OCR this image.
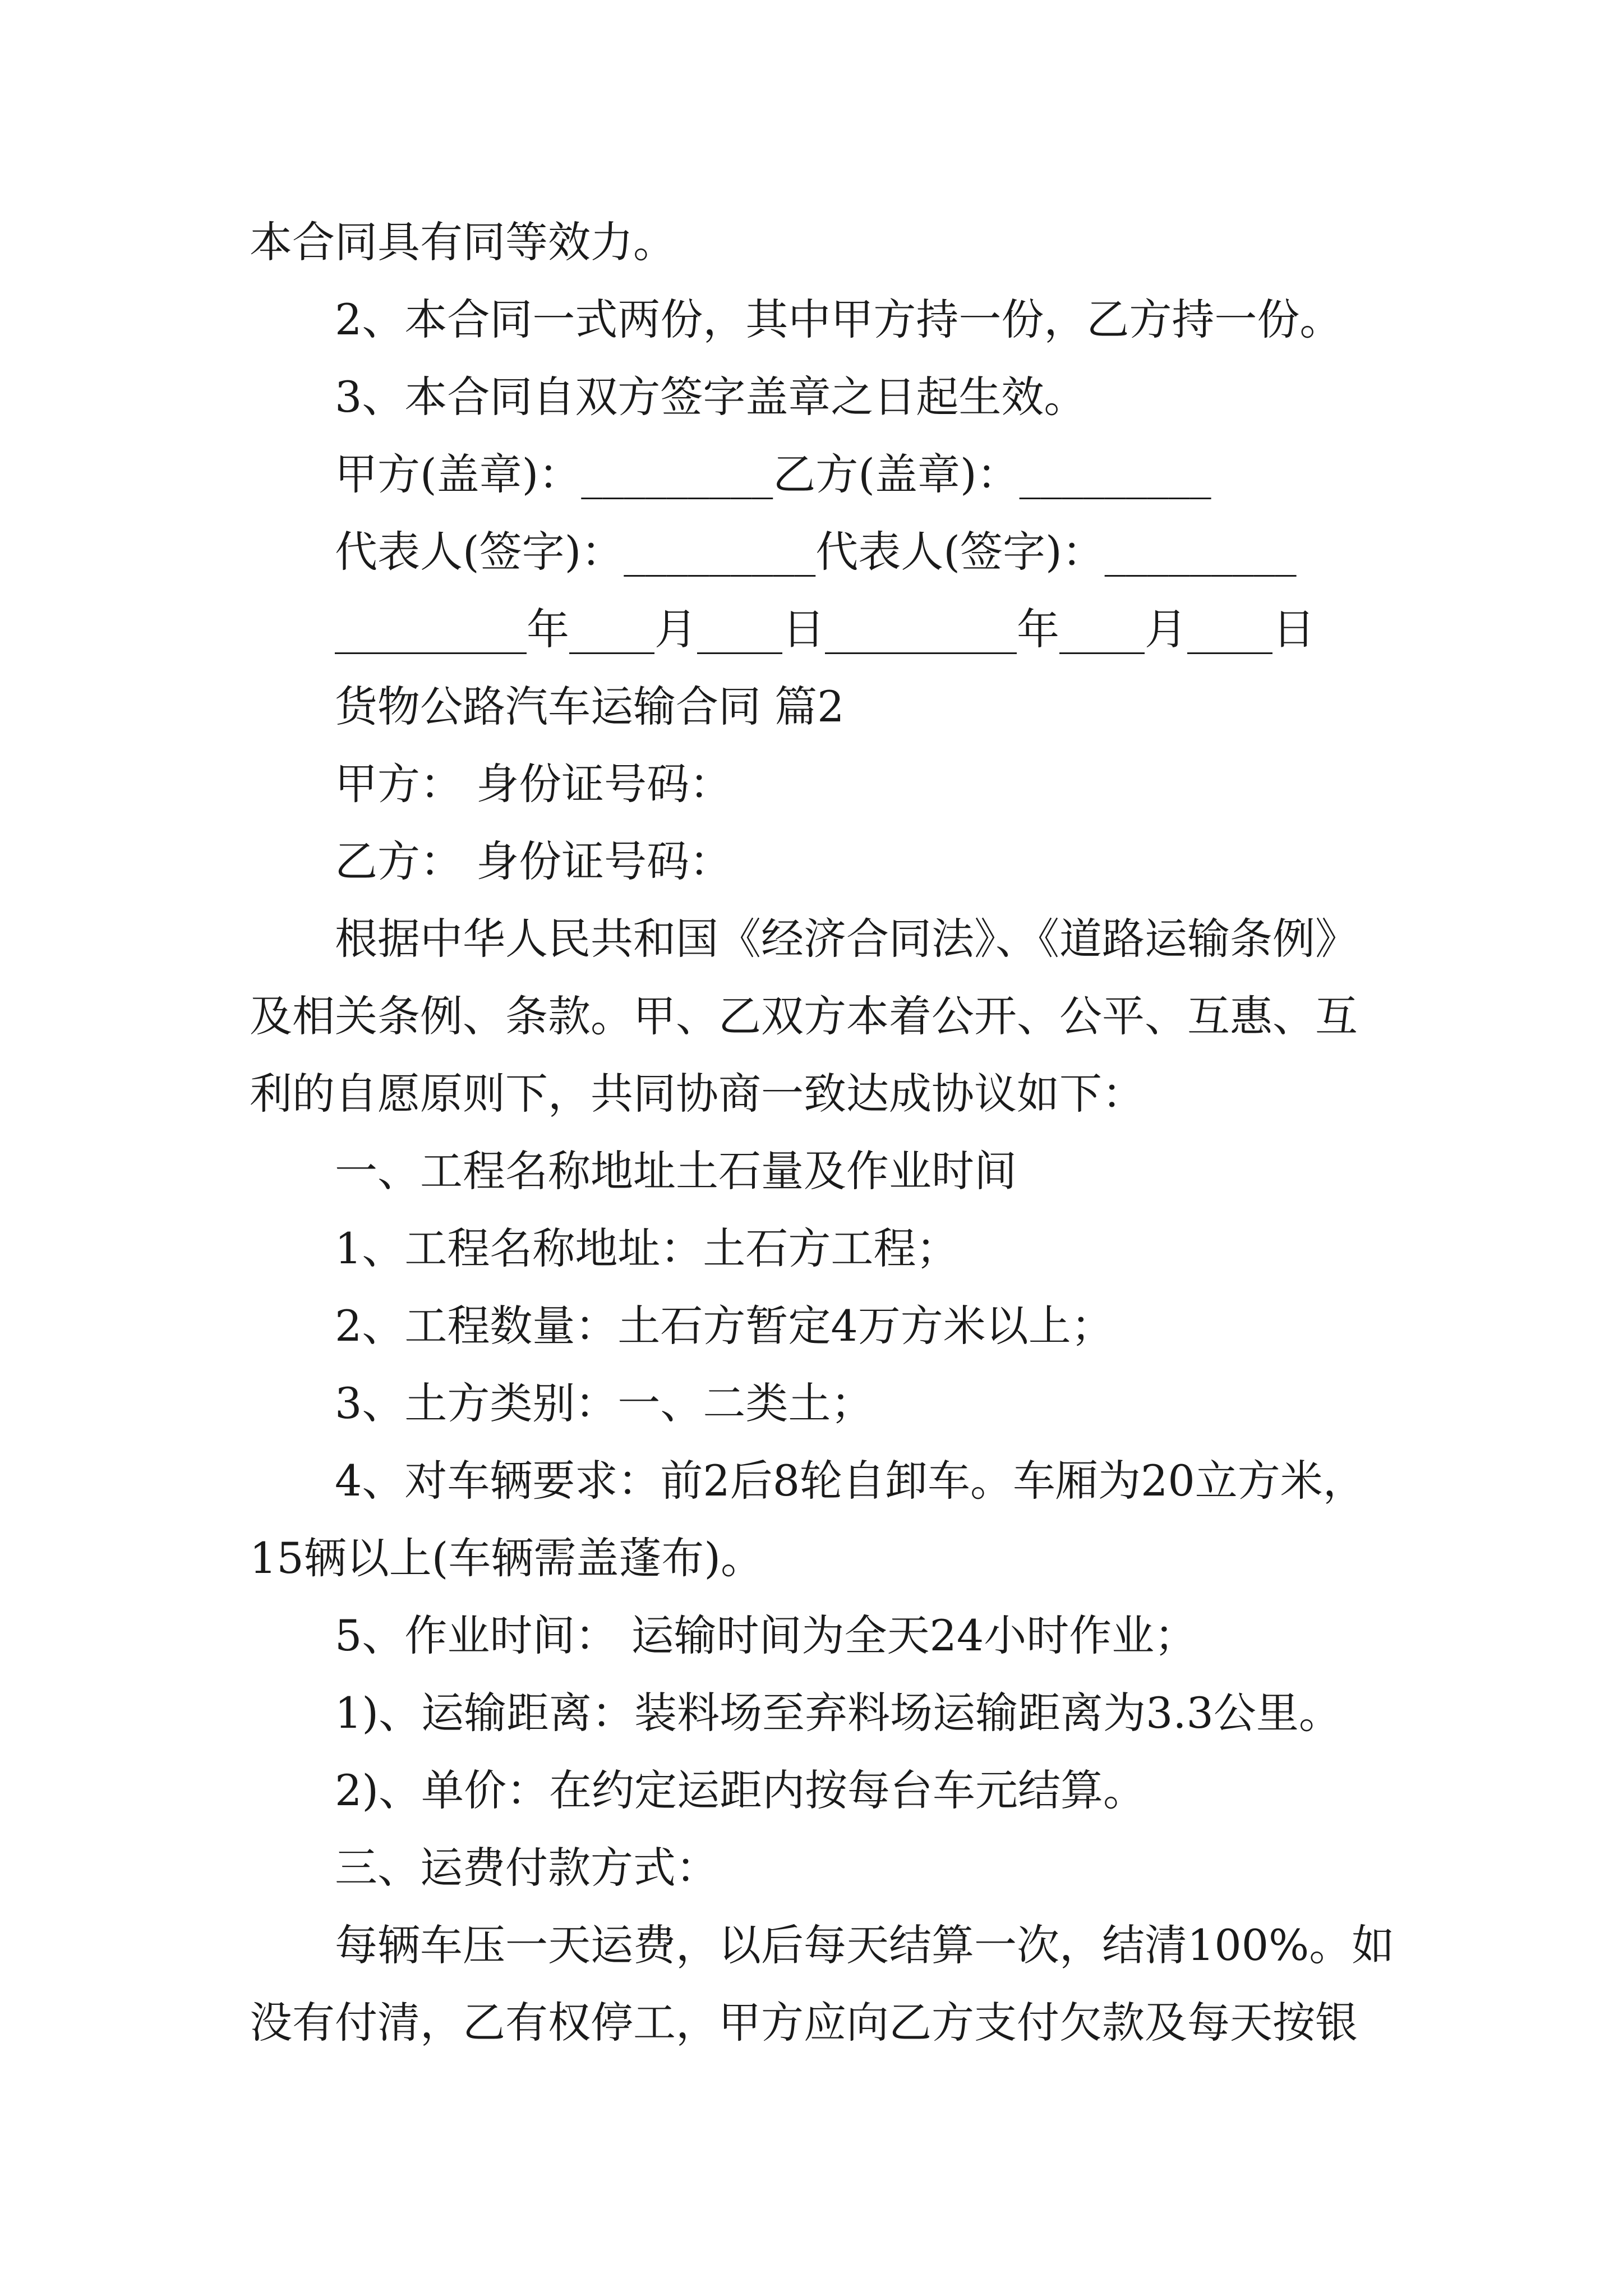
本合同具有同等效力。
2、本合同一式两份，其中甲方持一份，乙方持一份。
3、本合同自双方签字盖章之日起生效。
甲方(盖章)：_________乙方(盖章)：_________
代表人(签字)：_________代表人(签字)：_________
_________年____月____日_________年____月____日
货物公路汽车运输合同 篇2
甲方： 身份证号码：
乙方： 身份证号码：
根据中华人民共和国《经济合同法》、《道路运输条例》
及相关条例、条款。甲、乙双方本着公开、公平、互惠、互
利的自愿原则下，共同协商一致达成协议如下：
一、工程名称地址土石量及作业时间
1、工程名称地址：土石方工程；
2、工程数量：土石方暂定4万方米以上；
3、土方类别：一、二类土；
4、对车辆要求：前2后8轮自卸车。车厢为20立方米，
15辆以上(车辆需盖蓬布)。
5、作业时间： 运输时间为全天24小时作业；
1)、运输距离：装料场至弃料场运输距离为3.3公里。
2)、单价：在约定运距内按每台车元结算。
三、运费付款方式：
每辆车压一天运费，以后每天结算一次，结清100%。如
没有付清，乙有权停工，甲方应向乙方支付欠款及每天按银
